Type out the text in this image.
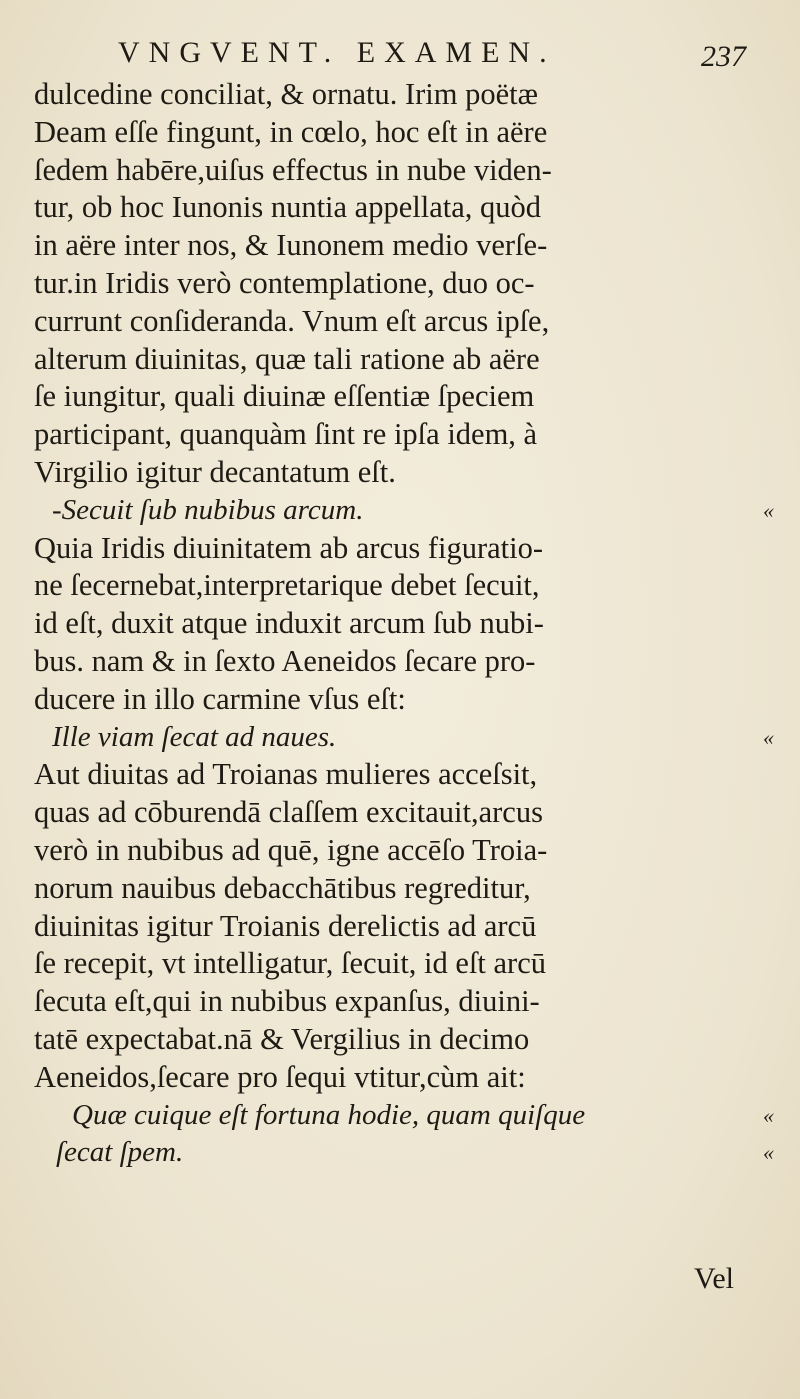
VNGVENT. EXAMEN.	237
dulcedine conciliat, & ornatu. Irim poëtæ
Deam eſſe fingunt, in cœlo, hoc eſt in aëre
ſedem habēre,uiſus effectus in nube viden-
tur, ob hoc Iunonis nuntia appellata, quòd
in aëre inter nos, & Iunonem medio verſe-
tur.in Iridis verò contemplatione, duo oc-
currunt conſideranda. Vnum eſt arcus ipſe,
alterum diuinitas, quæ tali ratione ab aëre
ſe iungitur, quali diuinæ eſſentiæ ſpeciem
participant, quanquàm ſint re ipſa idem, à
Virgilio igitur decantatum eſt.
-Secuit ſub nubibus arcum.	«
Quia Iridis diuinitatem ab arcus figuratio-
ne ſecernebat,interpretarique debet ſecuit,
id eſt, duxit atque induxit arcum ſub nubi-
bus. nam & in ſexto Aeneidos ſecare pro-
ducere in illo carmine vſus eſt:
Ille viam ſecat ad naues.	«
Aut diuitas ad Troianas mulieres acceſsit,
quas ad cōburendā claſſem excitauit,arcus
verò in nubibus ad quē, igne accēſo Troia-
norum nauibus debacchātibus regreditur,
diuinitas igitur Troianis derelictis ad arcū
ſe recepit, vt intelligatur, ſecuit, id eſt arcū
ſecuta eſt,qui in nubibus expanſus, diuini-
tatē expectabat.nā & Vergilius in decimo
Aeneidos,ſecare pro ſequi vtitur,cùm ait:
Quæ cuique eſt fortuna hodie, quam quiſque	«
ſecat ſpem.	«
Vel
